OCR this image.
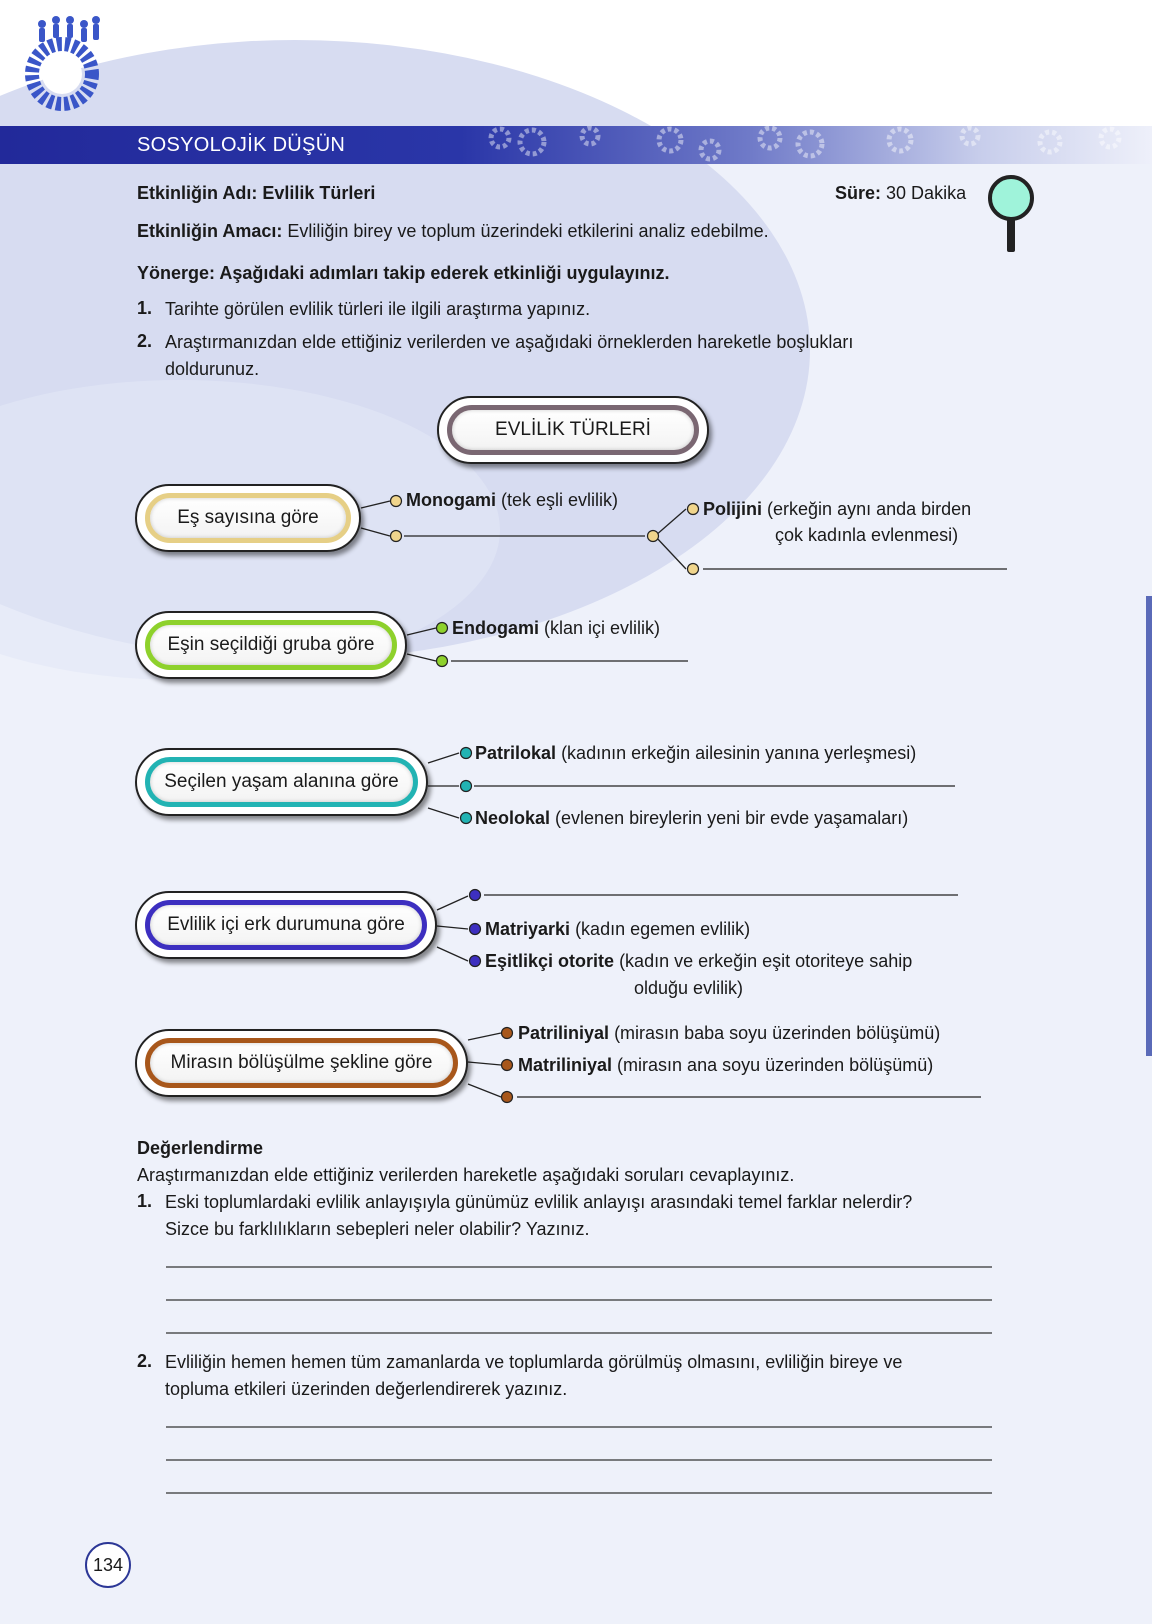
SOSYOLOJİK DÜŞÜN
Etkinliğin Adı: Evlilik Türleri	Süre: 30 Dakika
Etkinliğin Amacı: Evliliğin birey ve toplum üzerindeki etkilerini analiz edebilme.
Yönerge: Aşağıdaki adımları takip ederek etkinliği uygulayınız.
1. Tarihte görülen evlilik türleri ile ilgili araştırma yapınız.
2. Araştırmanızdan elde ettiğiniz verilerden ve aşağıdaki örneklerden hareketle boşlukları
doldurunuz.
EVLİLİK TÜRLERİ
Eş sayısına göre
Eşin seçildiği gruba göre
Seçilen yaşam alanına göre
Evlilik içi erk durumuna göre
Mirasın bölüşülme şekline göre
Monogami (tek eşli evlilik)	Polijini (erkeğin aynı anda birden
çok kadınla evlenmesi)
Endogami (klan içi evlilik)
Patrilokal (kadının erkeğin ailesinin yanına yerleşmesi)
Neolokal (evlenen bireylerin yeni bir evde yaşamaları)
Matriyarki (kadın egemen evlilik)
Eşitlikçi otorite (kadın ve erkeğin eşit otoriteye sahip
olduğu evlilik)
Patriliniyal (mirasın baba soyu üzerinden bölüşümü)
Matriliniyal (mirasın ana soyu üzerinden bölüşümü)
Değerlendirme
Araştırmanızdan elde ettiğiniz verilerden hareketle aşağıdaki soruları cevaplayınız.
1. Eski toplumlardaki evlilik anlayışıyla günümüz evlilik anlayışı arasındaki temel farklar nelerdir?
Sizce bu farklılıkların sebepleri neler olabilir? Yazınız.
2. Evliliğin hemen hemen tüm zamanlarda ve toplumlarda görülmüş olmasını, evliliğin bireye ve
topluma etkileri üzerinden değerlendirerek yazınız.
134
